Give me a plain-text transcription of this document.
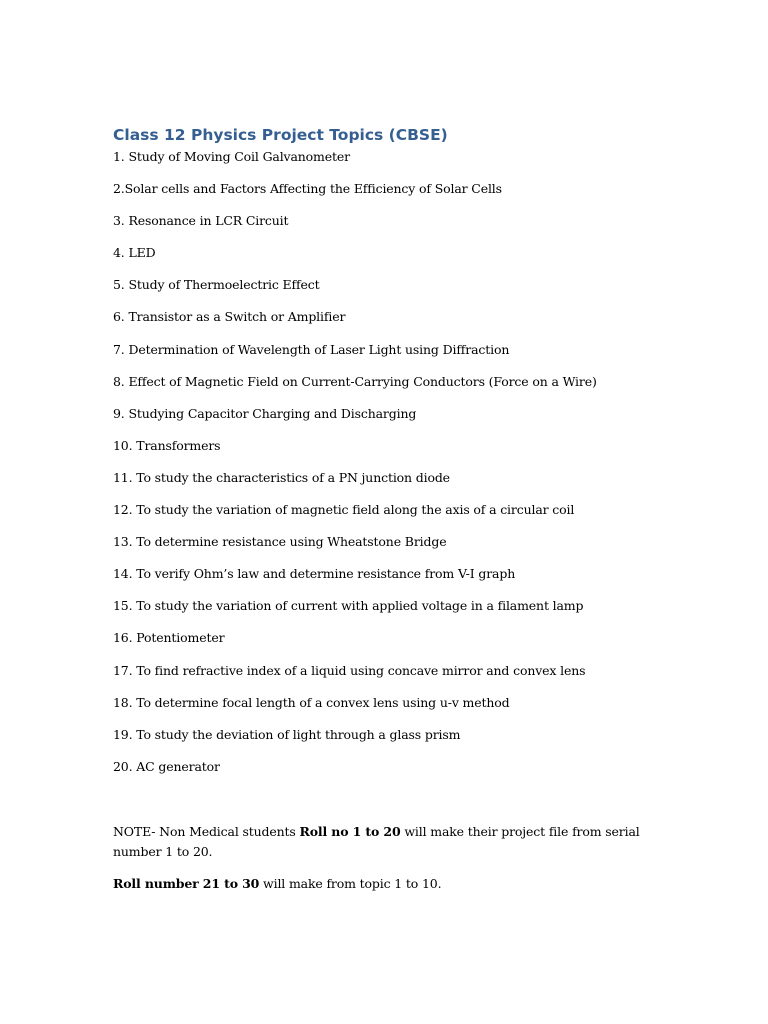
Class 12 Physics Project Topics (CBSE)
1. Study of Moving Coil Galvanometer
2.Solar cells and Factors Affecting the Efficiency of Solar Cells
3. Resonance in LCR Circuit
4. LED
5. Study of Thermoelectric Effect
6. Transistor as a Switch or Amplifier
7. Determination of Wavelength of Laser Light using Diffraction
8. Effect of Magnetic Field on Current-Carrying Conductors (Force on a Wire)
9. Studying Capacitor Charging and Discharging
10. Transformers
11. To study the characteristics of a PN junction diode
12. To study the variation of magnetic field along the axis of a circular coil
13. To determine resistance using Wheatstone Bridge
14. To verify Ohm’s law and determine resistance from V-I graph
15. To study the variation of current with applied voltage in a filament lamp
16. Potentiometer
17. To find refractive index of a liquid using concave mirror and convex lens
18. To determine focal length of a convex lens using u-v method
19. To study the deviation of light through a glass prism
20. AC generator

NOTE- Non Medical students Roll no 1 to 20 will make their project file from serial number 1 to 20.

Roll number 21 to 30 will make from topic 1 to 10.
